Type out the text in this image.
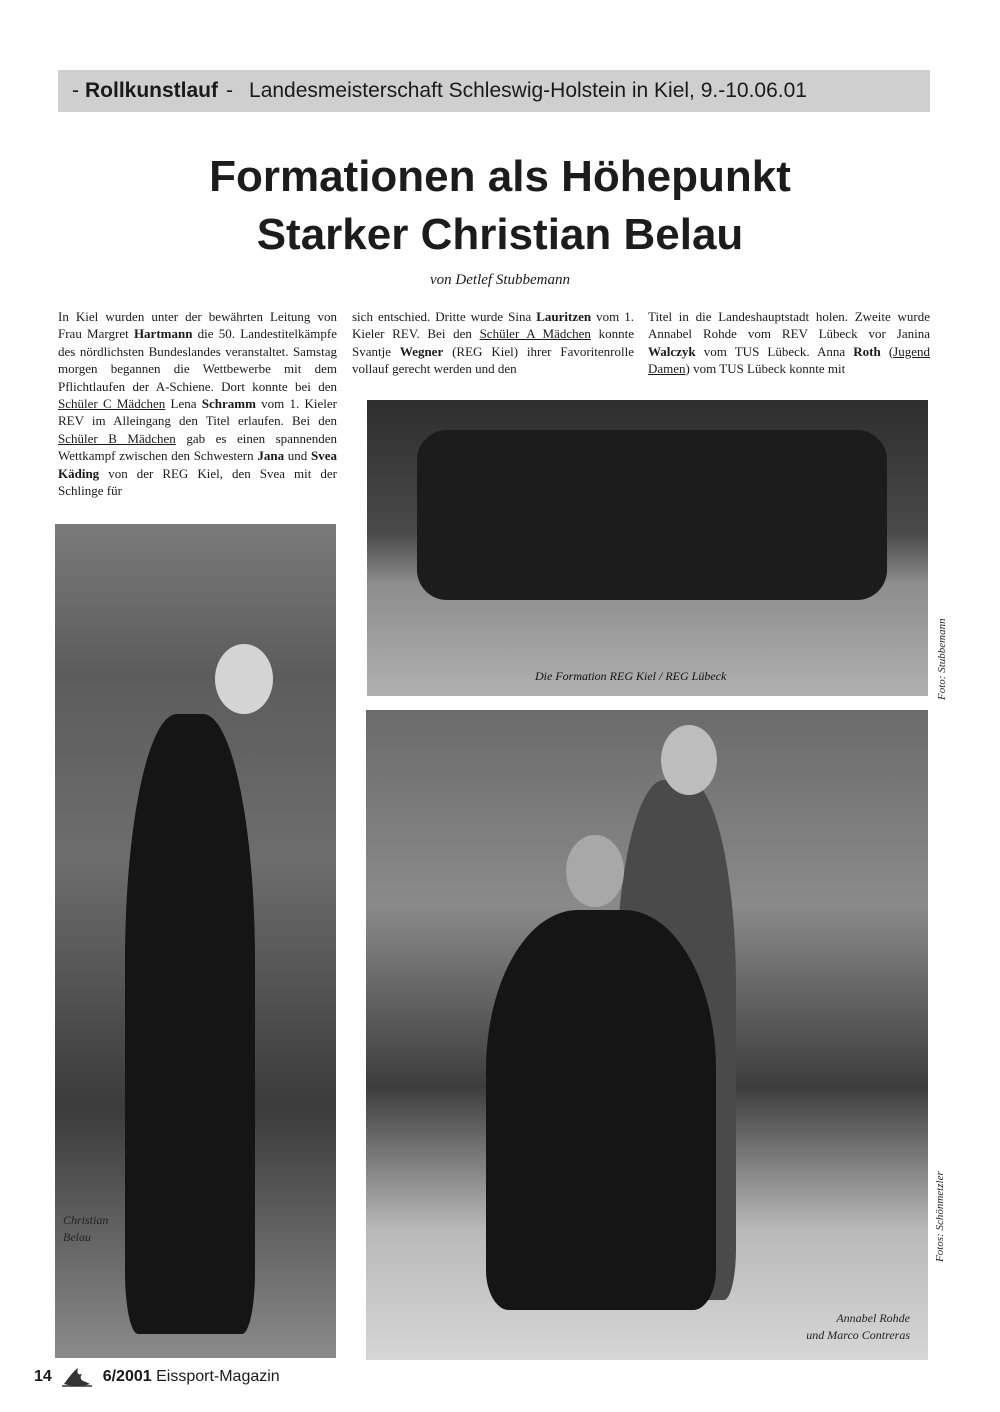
- Rollkunstlauf - Landesmeisterschaft Schleswig-Holstein in Kiel, 9.-10.06.01
Formationen als Höhepunkt
Starker Christian Belau
von Detlef Stubbemann
In Kiel wurden unter der bewährten Leitung von Frau Margret Hartmann die 50. Landestitelkämpfe des nördlichsten Bundeslandes veranstaltet. Samstag morgen begannen die Wettbewerbe mit dem Pflichtlaufen der A-Schiene. Dort konnte bei den Schüler C Mädchen Lena Schramm vom 1. Kieler REV im Alleingang den Titel erlaufen. Bei den Schüler B Mädchen gab es einen spannenden Wettkampf zwischen den Schwestern Jana und Svea Käding von der REG Kiel, den Svea mit der Schlinge für
sich entschied. Dritte wurde Sina Lauritzen vom 1. Kieler REV. Bei den Schüler A Mädchen konnte Svantje Wegner (REG Kiel) ihrer Favoritenrolle vollauf gerecht werden und den
Titel in die Landeshauptstadt holen. Zweite wurde Annabel Rohde vom REV Lübeck vor Janina Walczyk vom TUS Lübeck. Anna Roth (Jugend Damen) vom TUS Lübeck konnte mit
Christian
Belau
Die Formation REG Kiel / REG Lübeck	Foto: Stubbemann
Annabel Rohde
und Marco Contreras
Fotos: Schönmetzler
14	6/2001 Eissport-Magazin
